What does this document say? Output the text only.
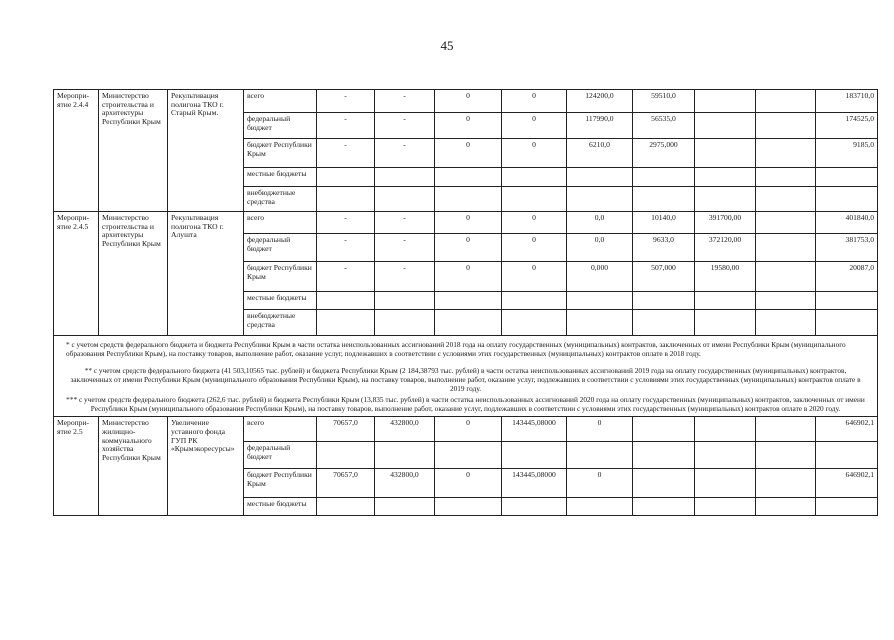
45
Меропри-ятие 2.4.4	Министерство строительства и архитектуры Республики Крым	Рекультивация полигона ТКО г. Старый Крым.	всего	-	-	0	0	124200,0	59510,0			183710,0
			федеральный бюджет	-	-	0	0	117990,0	56535,0			174525,0
			бюджет Республики Крым	-	-	0	0	6210,0	2975,000			9185,0
			местные бюджеты									
			внебюджетные средства									
Меропри-ятие 2.4.5	Министерство строительства и архитектуры Республики Крым	Рекультивация полигона ТКО г. Алушта	всего	-	-	0	0	0,0	10140,0	391700,00		401840,0
			федеральный бюджет	-	-	0	0	0,0	9633,0	372120,00		381753,0
			бюджет Республики Крым	-	-	0	0	0,000	507,000	19580,00		20087,0
			местные бюджеты									
			внебюджетные средства									

* с учетом средств федерального бюджета и бюджета Республики Крым в части остатка неиспользованных ассигнований 2018 года на оплату государственных (муниципальных) контрактов, заключенных от имени Республики Крым (муниципального образования Республики Крым), на поставку товаров, выполнение работ, оказание услуг, подлежавших в соответствии с условиями этих государственных (муниципальных) контрактов оплате в 2018 году.
** с учетом средств федерального бюджета (41 503,10565 тыс. рублей) и бюджета Республики Крым (2 184,38793 тыс. рублей) в части остатка неиспользованных ассигнований 2019 года на оплату государственных (муниципальных) контрактов, заключенных от имени Республики Крым (муниципального образования Республики Крым), на поставку товаров, выполнение работ, оказание услуг, подлежавших в соответствии с условиями этих государственных (муниципальных) контрактов оплате в 2019 году.
*** с учетом средств федерального бюджета (262,6 тыс. рублей) и бюджета Республики Крым (13,835 тыс. рублей) в части остатка неиспользованных ассигнований 2020 года на оплату государственных (муниципальных) контрактов, заключенных от имени Республики Крым (муниципального образования Республики Крым), на поставку товаров, выполнение работ, оказание услуг, подлежавших в соответствии с условиями этих государственных (муниципальных) контрактов оплате в 2020 году.												

Меропри-ятие 2.5	Министерство жилищно-коммунального хозяйства Республики Крым	Увеличение уставного фонда ГУП РК «Крымэкоресурсы»	всего	70657,0	432800,0	0	143445,08000	0				646902,1
			федеральный бюджет									
			бюджет Республики Крым	70657,0	432800,0	0	143445,08000	0				646902,1
			местные бюджеты									
